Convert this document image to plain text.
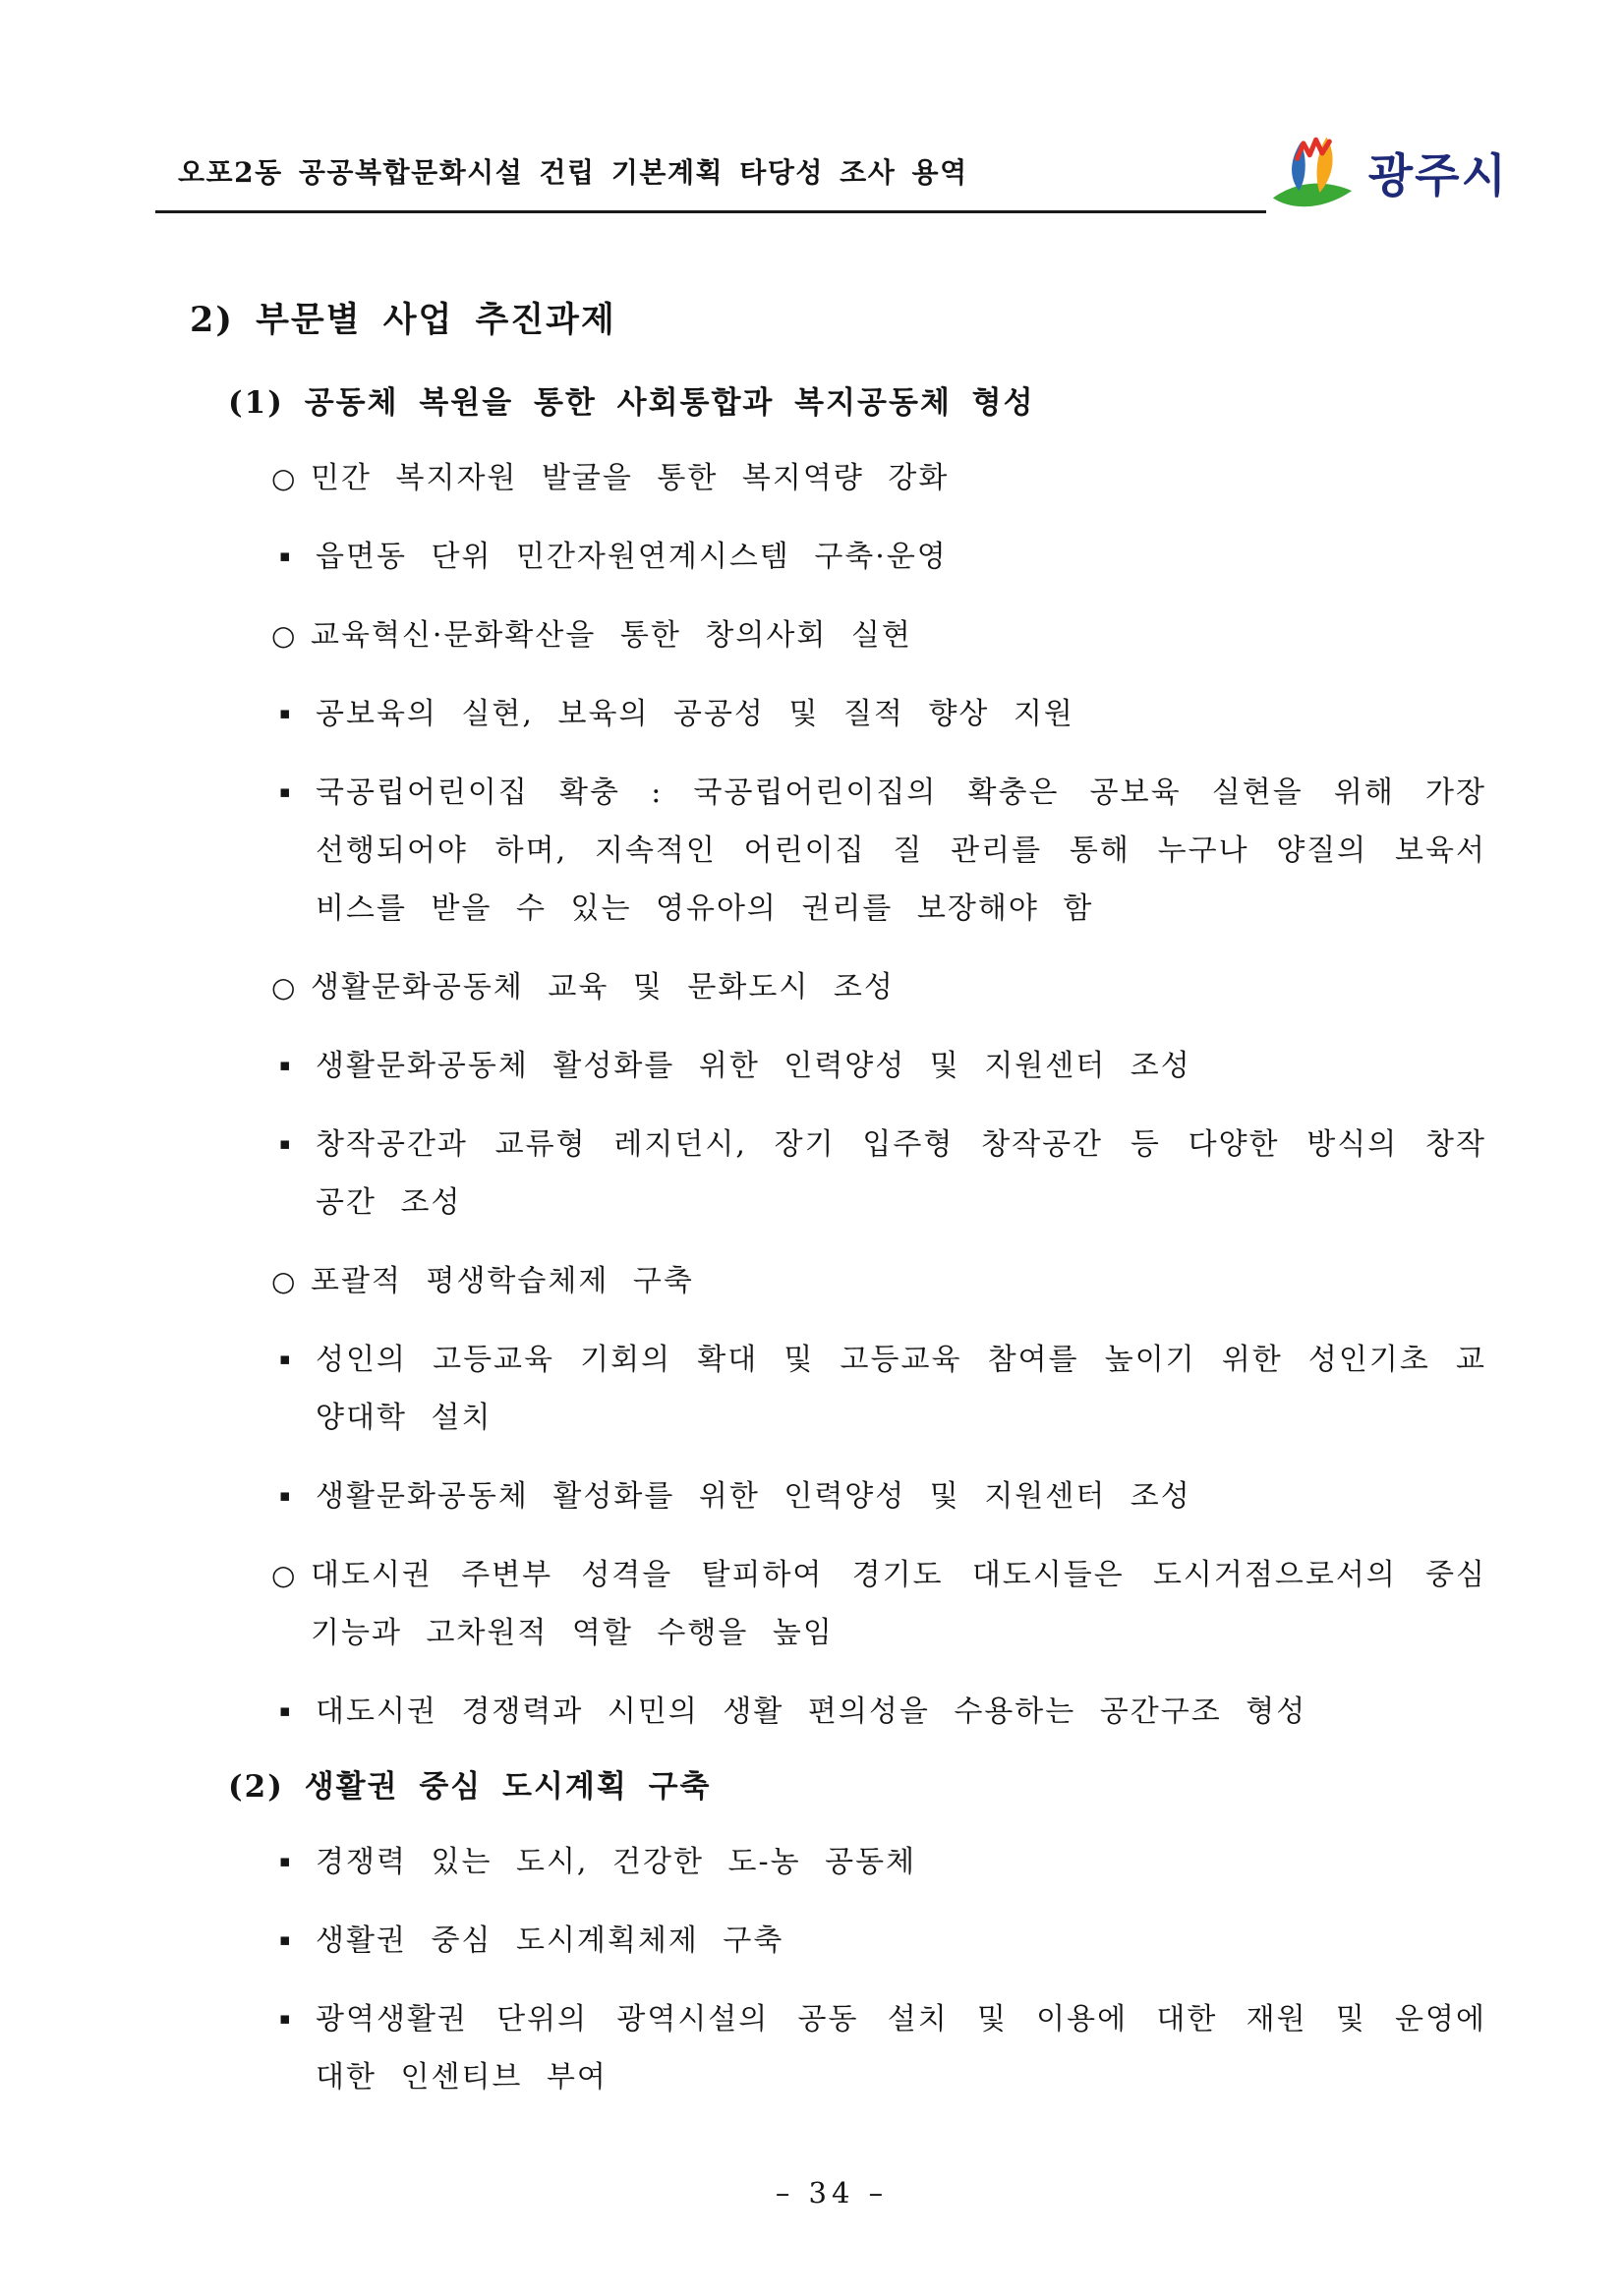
오포2동 공공복합문화시설 건립 기본계획 타당성 조사 용역	광주시
2) 부문별 사업 추진과제
(1) 공동체 복원을 통한 사회통합과 복지공동체 형성
○ 민간 복지자원 발굴을 통한 복지역량 강화
▪ 읍면동 단위 민간자원연계시스템 구축·운영
○ 교육혁신·문화확산을 통한 창의사회 실현
▪ 공보육의 실현, 보육의 공공성 및 질적 향상 지원
▪ 국공립어린이집 확충 : 국공립어린이집의 확충은 공보육 실현을 위해 가장 선행되어야 하며, 지속적인 어린이집 질 관리를 통해 누구나 양질의 보육서비스를 받을 수 있는 영유아의 권리를 보장해야 함
○ 생활문화공동체 교육 및 문화도시 조성
▪ 생활문화공동체 활성화를 위한 인력양성 및 지원센터 조성
▪ 창작공간과 교류형 레지던시, 장기 입주형 창작공간 등 다양한 방식의 창작 공간 조성
○ 포괄적 평생학습체제 구축
▪ 성인의 고등교육 기회의 확대 및 고등교육 참여를 높이기 위한 성인기초 교양대학 설치
▪ 생활문화공동체 활성화를 위한 인력양성 및 지원센터 조성
○ 대도시권 주변부 성격을 탈피하여 경기도 대도시들은 도시거점으로서의 중심 기능과 고차원적 역할 수행을 높임
▪ 대도시권 경쟁력과 시민의 생활 편의성을 수용하는 공간구조 형성
(2) 생활권 중심 도시계획 구축
▪ 경쟁력 있는 도시, 건강한 도-농 공동체
▪ 생활권 중심 도시계획체제 구축
▪ 광역생활권 단위의 광역시설의 공동 설치 및 이용에 대한 재원 및 운영에 대한 인센티브 부여
– 34 –
